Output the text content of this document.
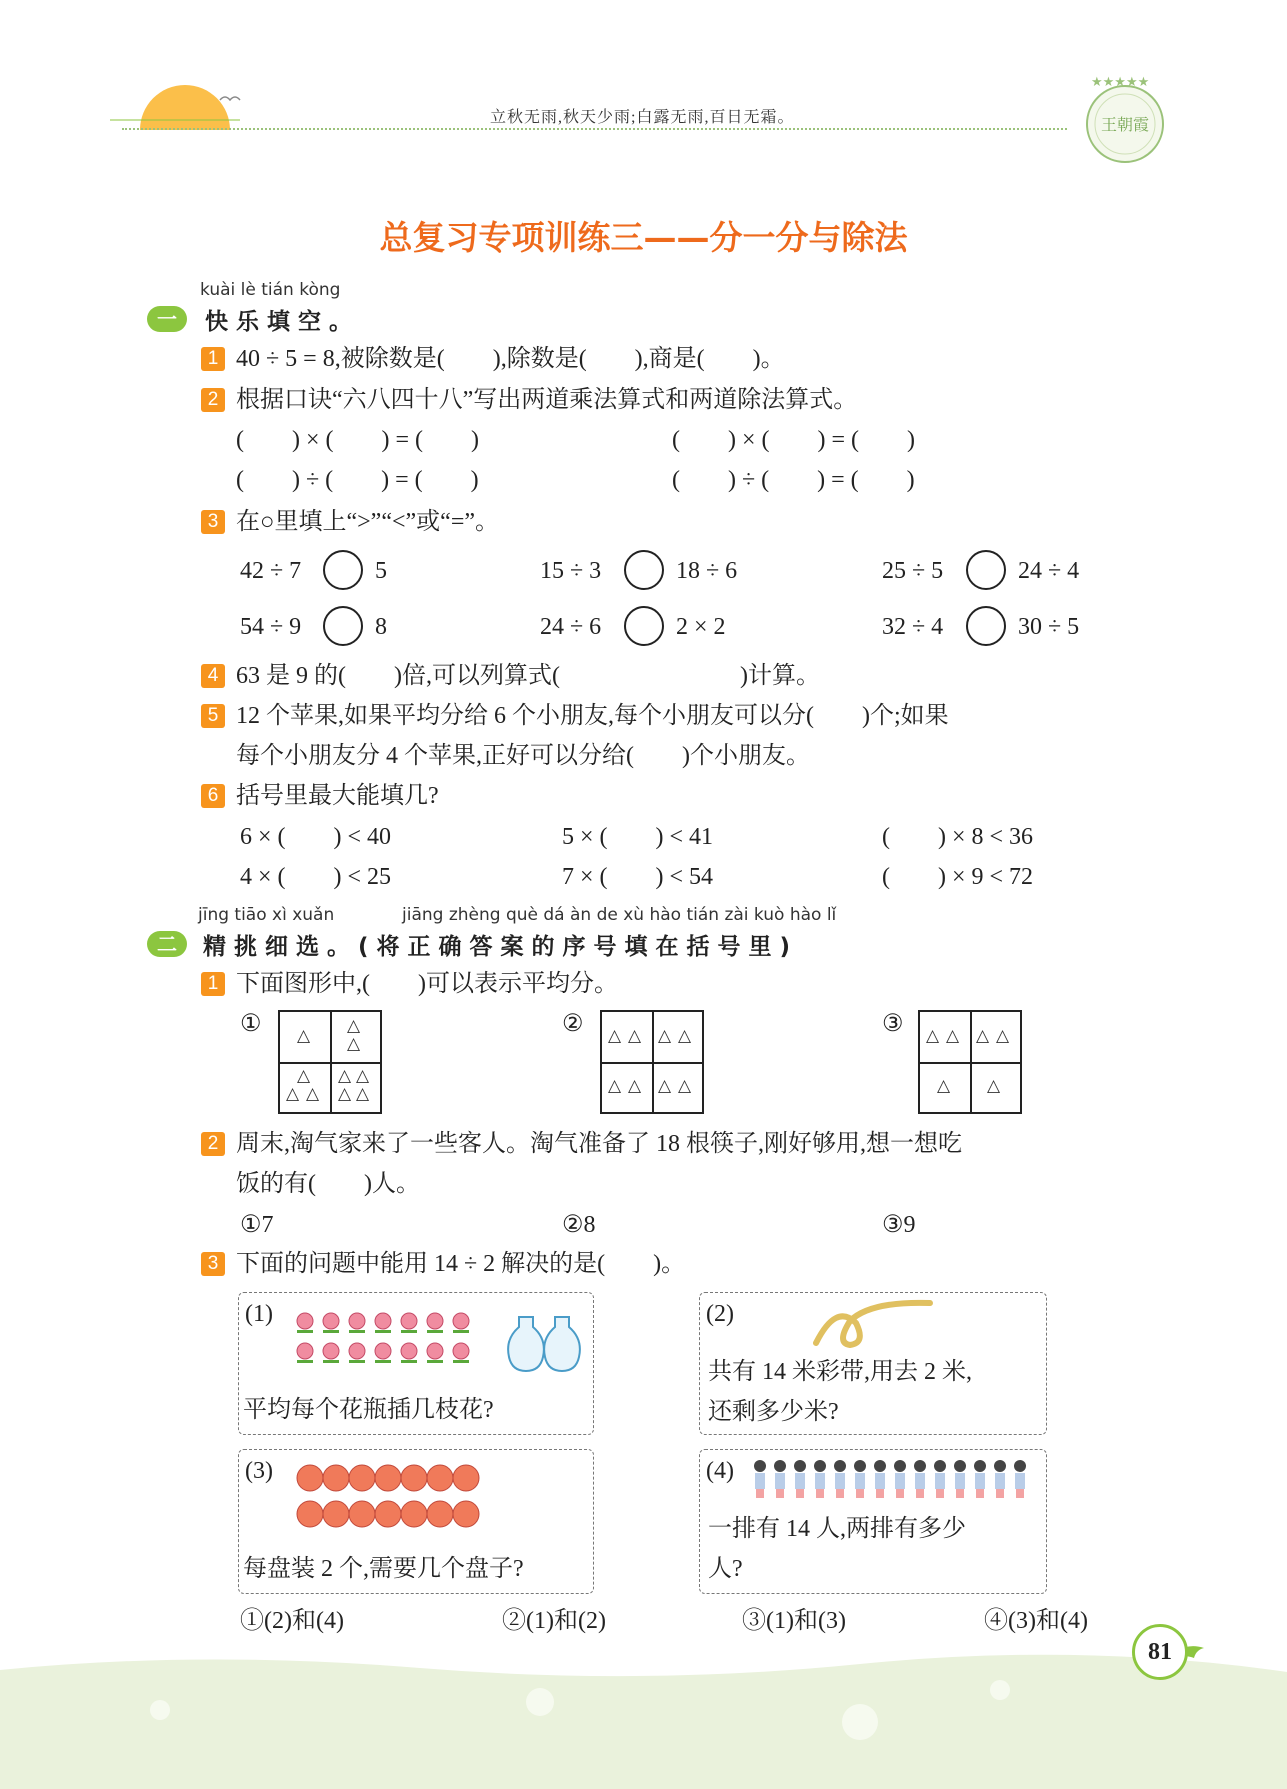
立秋无雨,秋天少雨;白露无雨,百日无霜。
★★★★★
王朝霞
总复习专项训练三——分一分与除法
kuài lè tián kòng
一	快乐填空。
1 40 ÷ 5 = 8,被除数是(        ),除数是(        ),商是(        )。
2 根据口诀“六八四十八”写出两道乘法算式和两道除法算式。
(        ) × (        ) = (        )	(        ) × (        ) = (        )
(        ) ÷ (        ) = (        )	(        ) ÷ (        ) = (        )
3 在○里填上“>”“<”或“=”。
42 ÷ 7	5	15 ÷ 3	18 ÷ 6	25 ÷ 5	24 ÷ 4
54 ÷ 9	8	24 ÷ 6	2 × 2	32 ÷ 4	30 ÷ 5
4 63 是 9 的(        )倍,可以列算式(                              )计算。
5 12 个苹果,如果平均分给 6 个小朋友,每个小朋友可以分(        )个;如果
每个小朋友分 4 个苹果,正好可以分给(        )个小朋友。
6 括号里最大能填几?
6 × (        ) < 40	5 × (        ) < 41	(        ) × 8 < 36
4 × (        ) < 25	7 × (        ) < 54	(        ) × 9 < 72
jīng tiāo xì xuǎn	jiāng zhèng què dá àn de xù hào tián zài kuò hào lǐ
二	精挑细选。(将正确答案的序号填在括号里)
1 下面图形中,(        )可以表示平均分。
① △ △
△
△
△ △
△ △
△ △
② △ △ △ △
△ △ △ △
③ △ △ △ △
△ △
2 周末,淘气家来了一些客人。淘气准备了 18 根筷子,刚好够用,想一想吃
饭的有(        )人。
①7	②8	③9
3 下面的问题中能用 14 ÷ 2 解决的是(        )。
(1)
平均每个花瓶插几枝花?
(2)
共有 14 米彩带,用去 2 米,
还剩多少米?
(3)
每盘装 2 个,需要几个盘子?
(4)
一排有 14 人,两排有多少
人?
①(2)和(4)	②(1)和(2)	③(1)和(3)	④(3)和(4)
81
